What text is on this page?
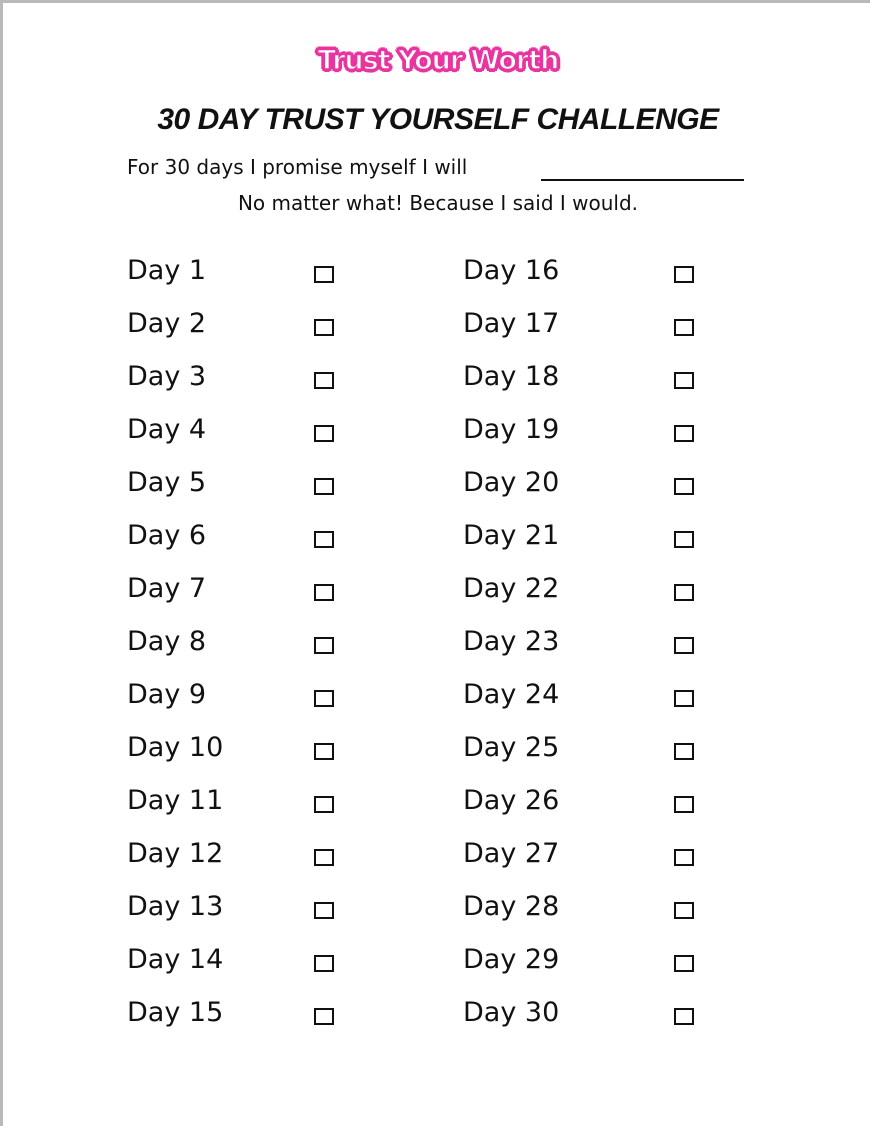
Trust Your Worth
30 DAY TRUST YOURSELF CHALLENGE
For 30 days I promise myself I will
No matter what! Because I said I would.
Day 1
Day 2
Day 3
Day 4
Day 5
Day 6
Day 7
Day 8
Day 9
Day 10
Day 11
Day 12
Day 13
Day 14
Day 15
Day 16
Day 17
Day 18
Day 19
Day 20
Day 21
Day 22
Day 23
Day 24
Day 25
Day 26
Day 27
Day 28
Day 29
Day 30
